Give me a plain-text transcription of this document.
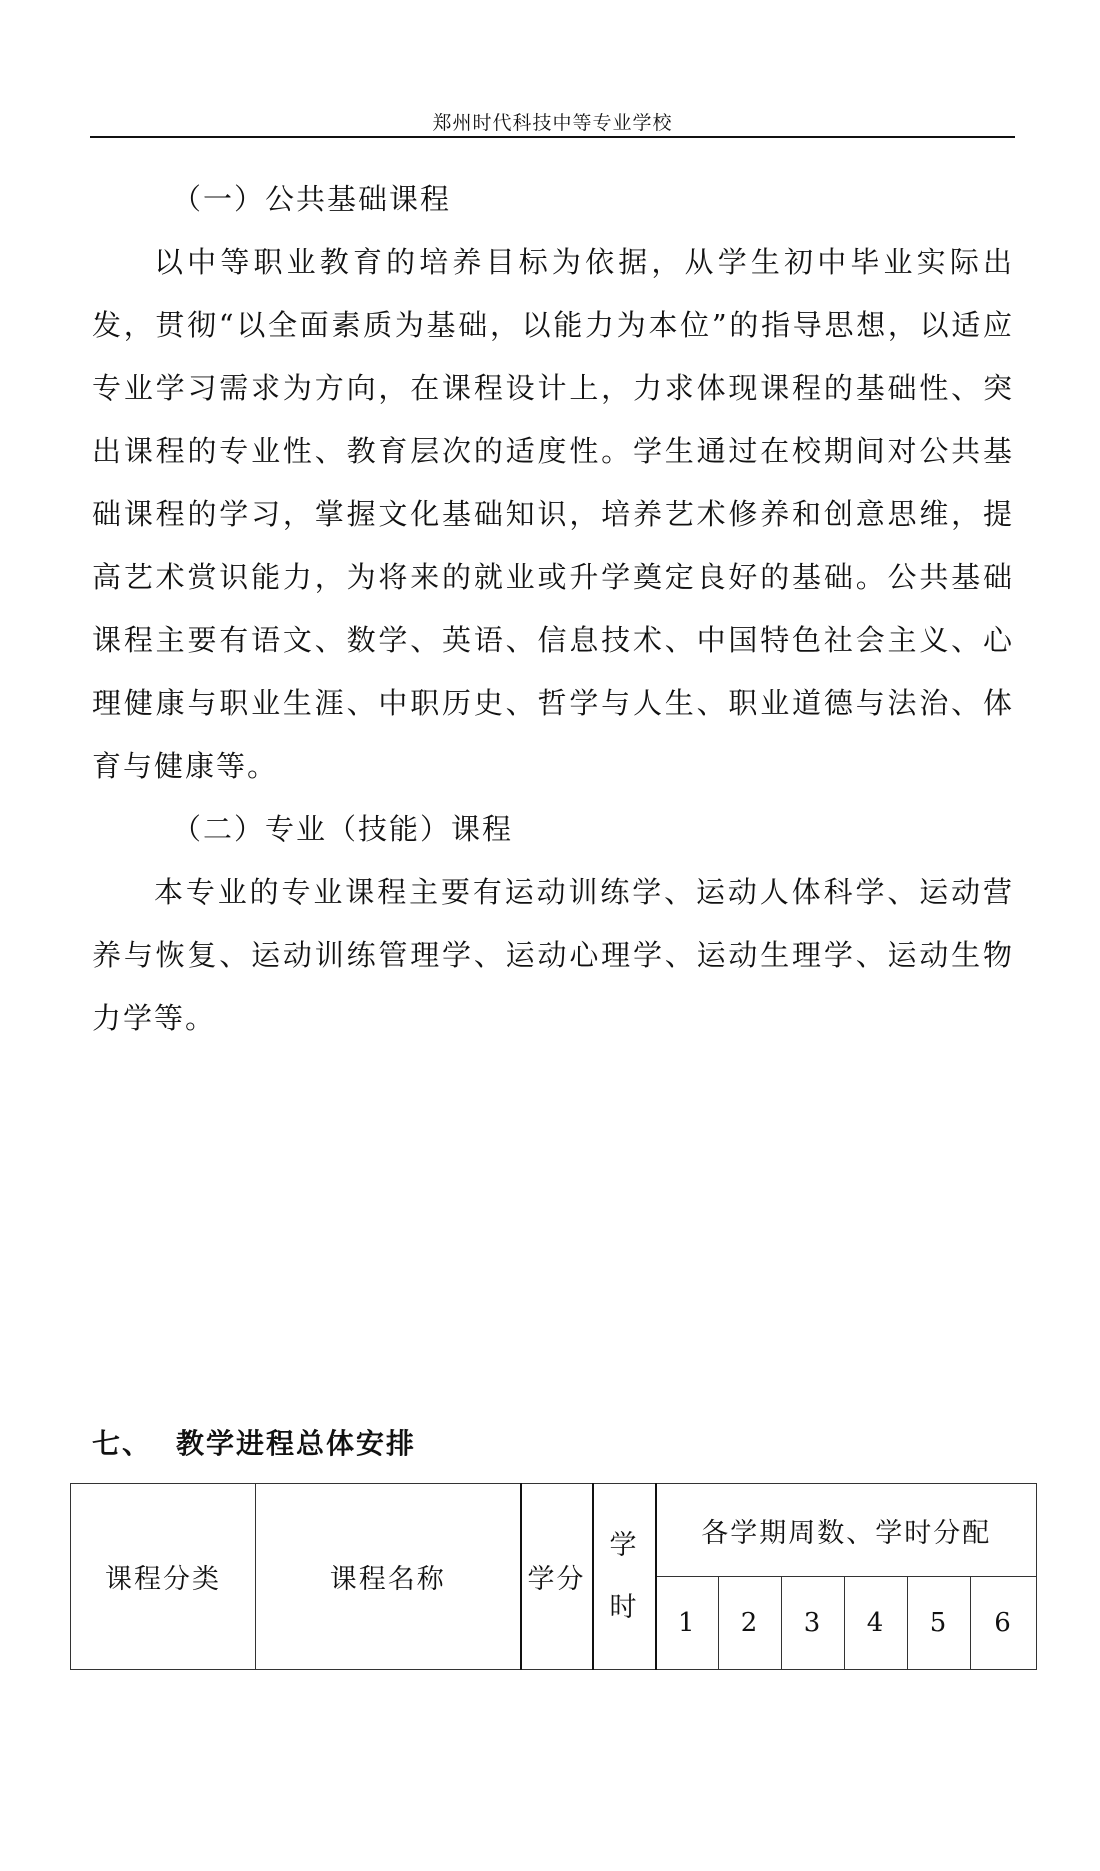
郑州时代科技中等专业学校

（一）公共基础课程

以中等职业教育的培养目标为依据，从学生初中毕业实际出发，贯彻“以全面素质为基础，以能力为本位”的指导思想，以适应专业学习需求为方向，在课程设计上，力求体现课程的基础性、突出课程的专业性、教育层次的适度性。学生通过在校期间对公共基础课程的学习，掌握文化基础知识，培养艺术修养和创意思维，提高艺术赏识能力，为将来的就业或升学奠定良好的基础。公共基础课程主要有语文、数学、英语、信息技术、中国特色社会主义、心理健康与职业生涯、中职历史、哲学与人生、职业道德与法治、体育与健康等。

（二）专业（技能）课程

本专业的专业课程主要有运动训练学、运动人体科学、运动营养与恢复、运动训练管理学、运动心理学、运动生理学、运动生物力学等。

七、 教学进程总体安排
课程分类	课程名称	学分	学时	各学期周数、学时分配					
				1	2	3	4	5	6
